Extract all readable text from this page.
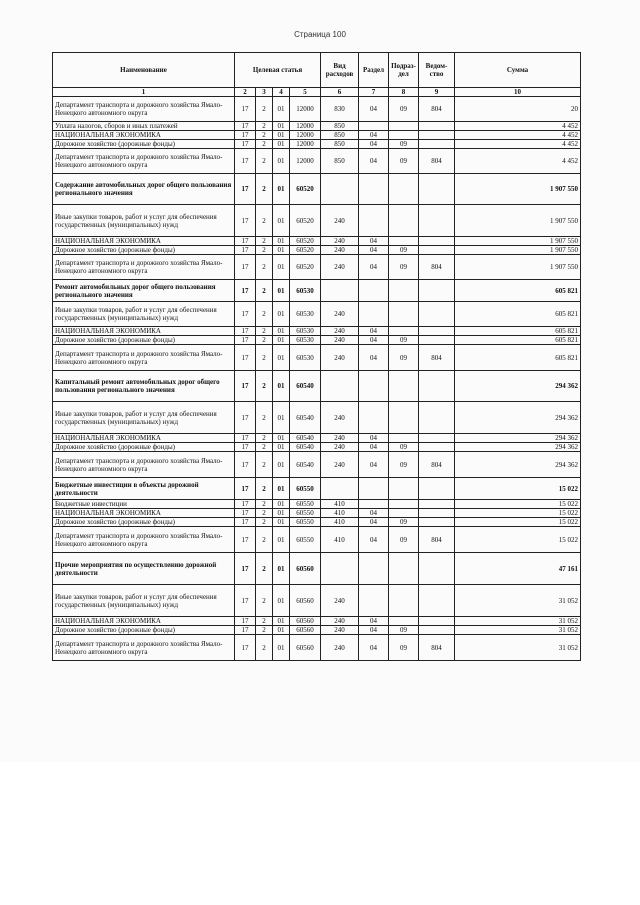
Страница 100
Наименование	Целевая статья				Вид расходов	Раздел	Подраз-дел	Ведом-ство	Сумма
1	2	3	4	5	6	7	8	9	10
Департамент транспорта и дорожного хозяйства Ямало-Ненецкого автономного округа	17	2	01	12000	830	04	09	804	20
Уплата налогов, сборов и иных платежей	17	2	01	12000	850				4 452
НАЦИОНАЛЬНАЯ ЭКОНОМИКА	17	2	01	12000	850	04			4 452
Дорожное хозяйство (дорожные фонды)	17	2	01	12000	850	04	09		4 452
Департамент транспорта и дорожного хозяйства Ямало-Ненецкого автономного округа	17	2	01	12000	850	04	09	804	4 452
Содержание автомобильных дорог общего пользования регионального значения	17	2	01	60520					1 907 550
Иные закупки товаров, работ и услуг для обеспечения государственных (муниципальных) нужд	17	2	01	60520	240				1 907 550
НАЦИОНАЛЬНАЯ ЭКОНОМИКА	17	2	01	60520	240	04			1 907 550
Дорожное хозяйство (дорожные фонды)	17	2	01	60520	240	04	09		1 907 550
Департамент транспорта и дорожного хозяйства Ямало-Ненецкого автономного округа	17	2	01	60520	240	04	09	804	1 907 550
Ремонт автомобильных дорог общего пользования регионального значения	17	2	01	60530					605 821
Иные закупки товаров, работ и услуг для обеспечения государственных (муниципальных) нужд	17	2	01	60530	240				605 821
НАЦИОНАЛЬНАЯ ЭКОНОМИКА	17	2	01	60530	240	04			605 821
Дорожное хозяйство (дорожные фонды)	17	2	01	60530	240	04	09		605 821
Департамент транспорта и дорожного хозяйства Ямало-Ненецкого автономного округа	17	2	01	60530	240	04	09	804	605 821
Капитальный ремонт автомобильных дорог общего пользования регионального значения	17	2	01	60540					294 362
Иные закупки товаров, работ и услуг для обеспечения государственных (муниципальных) нужд	17	2	01	60540	240				294 362
НАЦИОНАЛЬНАЯ ЭКОНОМИКА	17	2	01	60540	240	04			294 362
Дорожное хозяйство (дорожные фонды)	17	2	01	60540	240	04	09		294 362
Департамент транспорта и дорожного хозяйства Ямало-Ненецкого автономного округа	17	2	01	60540	240	04	09	804	294 362
Бюджетные инвестиции в объекты дорожной деятельности	17	2	01	60550					15 022
Бюджетные инвестиции	17	2	01	60550	410				15 022
НАЦИОНАЛЬНАЯ ЭКОНОМИКА	17	2	01	60550	410	04			15 022
Дорожное хозяйство (дорожные фонды)	17	2	01	60550	410	04	09		15 022
Департамент транспорта и дорожного хозяйства Ямало-Ненецкого автономного округа	17	2	01	60550	410	04	09	804	15 022
Прочие мероприятия по осуществлению дорожной деятельности	17	2	01	60560					47 161
Иные закупки товаров, работ и услуг для обеспечения государственных (муниципальных) нужд	17	2	01	60560	240				31 052
НАЦИОНАЛЬНАЯ ЭКОНОМИКА	17	2	01	60560	240	04			31 052
Дорожное хозяйство (дорожные фонды)	17	2	01	60560	240	04	09		31 052
Департамент транспорта и дорожного хозяйства Ямало-Ненецкого автономного округа	17	2	01	60560	240	04	09	804	31 052
